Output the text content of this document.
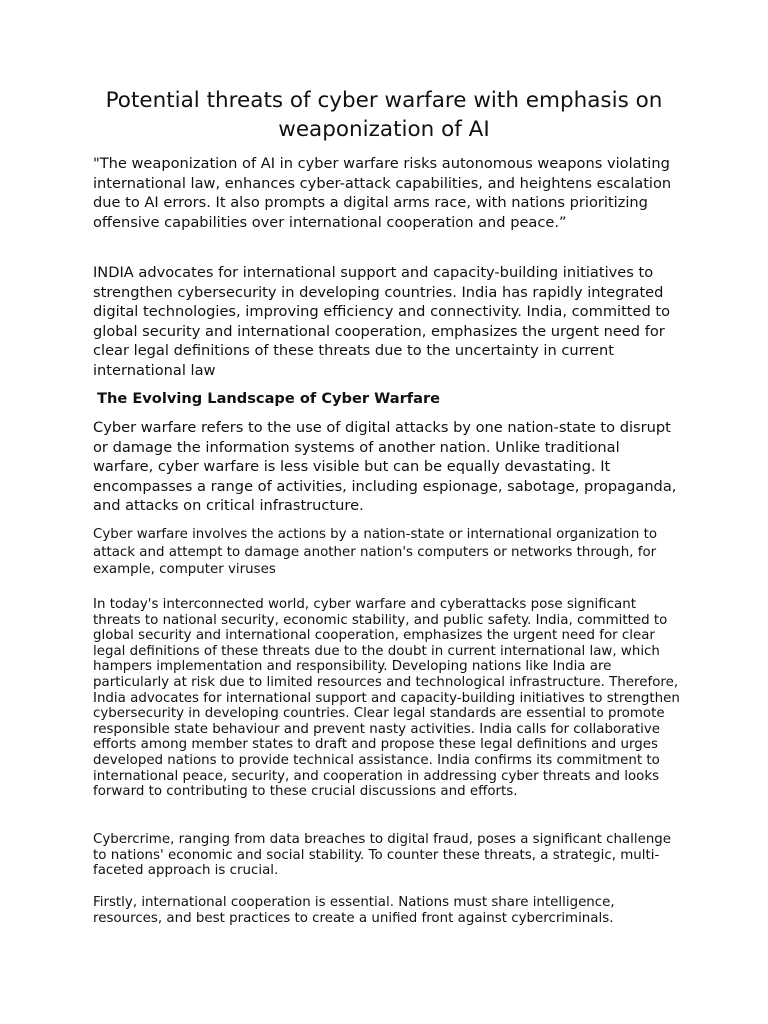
Potential threats of cyber warfare with emphasis on weaponization of AI

"The weaponization of AI in cyber warfare risks autonomous weapons violating international law, enhances cyber-attack capabilities, and heightens escalation due to AI errors. It also prompts a digital arms race, with nations prioritizing offensive capabilities over international cooperation and peace.”

INDIA advocates for international support and capacity-building initiatives to strengthen cybersecurity in developing countries. India has rapidly integrated digital technologies, improving efficiency and connectivity. India, committed to global security and international cooperation, emphasizes the urgent need for clear legal definitions of these threats due to the uncertainty in current international law

The Evolving Landscape of Cyber Warfare

Cyber warfare refers to the use of digital attacks by one nation-state to disrupt or damage the information systems of another nation. Unlike traditional warfare, cyber warfare is less visible but can be equally devastating. It encompasses a range of activities, including espionage, sabotage, propaganda, and attacks on critical infrastructure.

Cyber warfare involves the actions by a nation-state or international organization to attack and attempt to damage another nation's computers or networks through, for example, computer viruses

In today's interconnected world, cyber warfare and cyberattacks pose significant threats to national security, economic stability, and public safety. India, committed to global security and international cooperation, emphasizes the urgent need for clear legal definitions of these threats due to the doubt in current international law, which hampers implementation and responsibility. Developing nations like India are particularly at risk due to limited resources and technological infrastructure. Therefore, India advocates for international support and capacity-building initiatives to strengthen cybersecurity in developing countries. Clear legal standards are essential to promote responsible state behaviour and prevent nasty activities. India calls for collaborative efforts among member states to draft and propose these legal definitions and urges developed nations to provide technical assistance. India confirms its commitment to international peace, security, and cooperation in addressing cyber threats and looks forward to contributing to these crucial discussions and efforts.

Cybercrime, ranging from data breaches to digital fraud, poses a significant challenge to nations' economic and social stability. To counter these threats, a strategic, multi-faceted approach is crucial.

Firstly, international cooperation is essential. Nations must share intelligence, resources, and best practices to create a unified front against cybercriminals.
